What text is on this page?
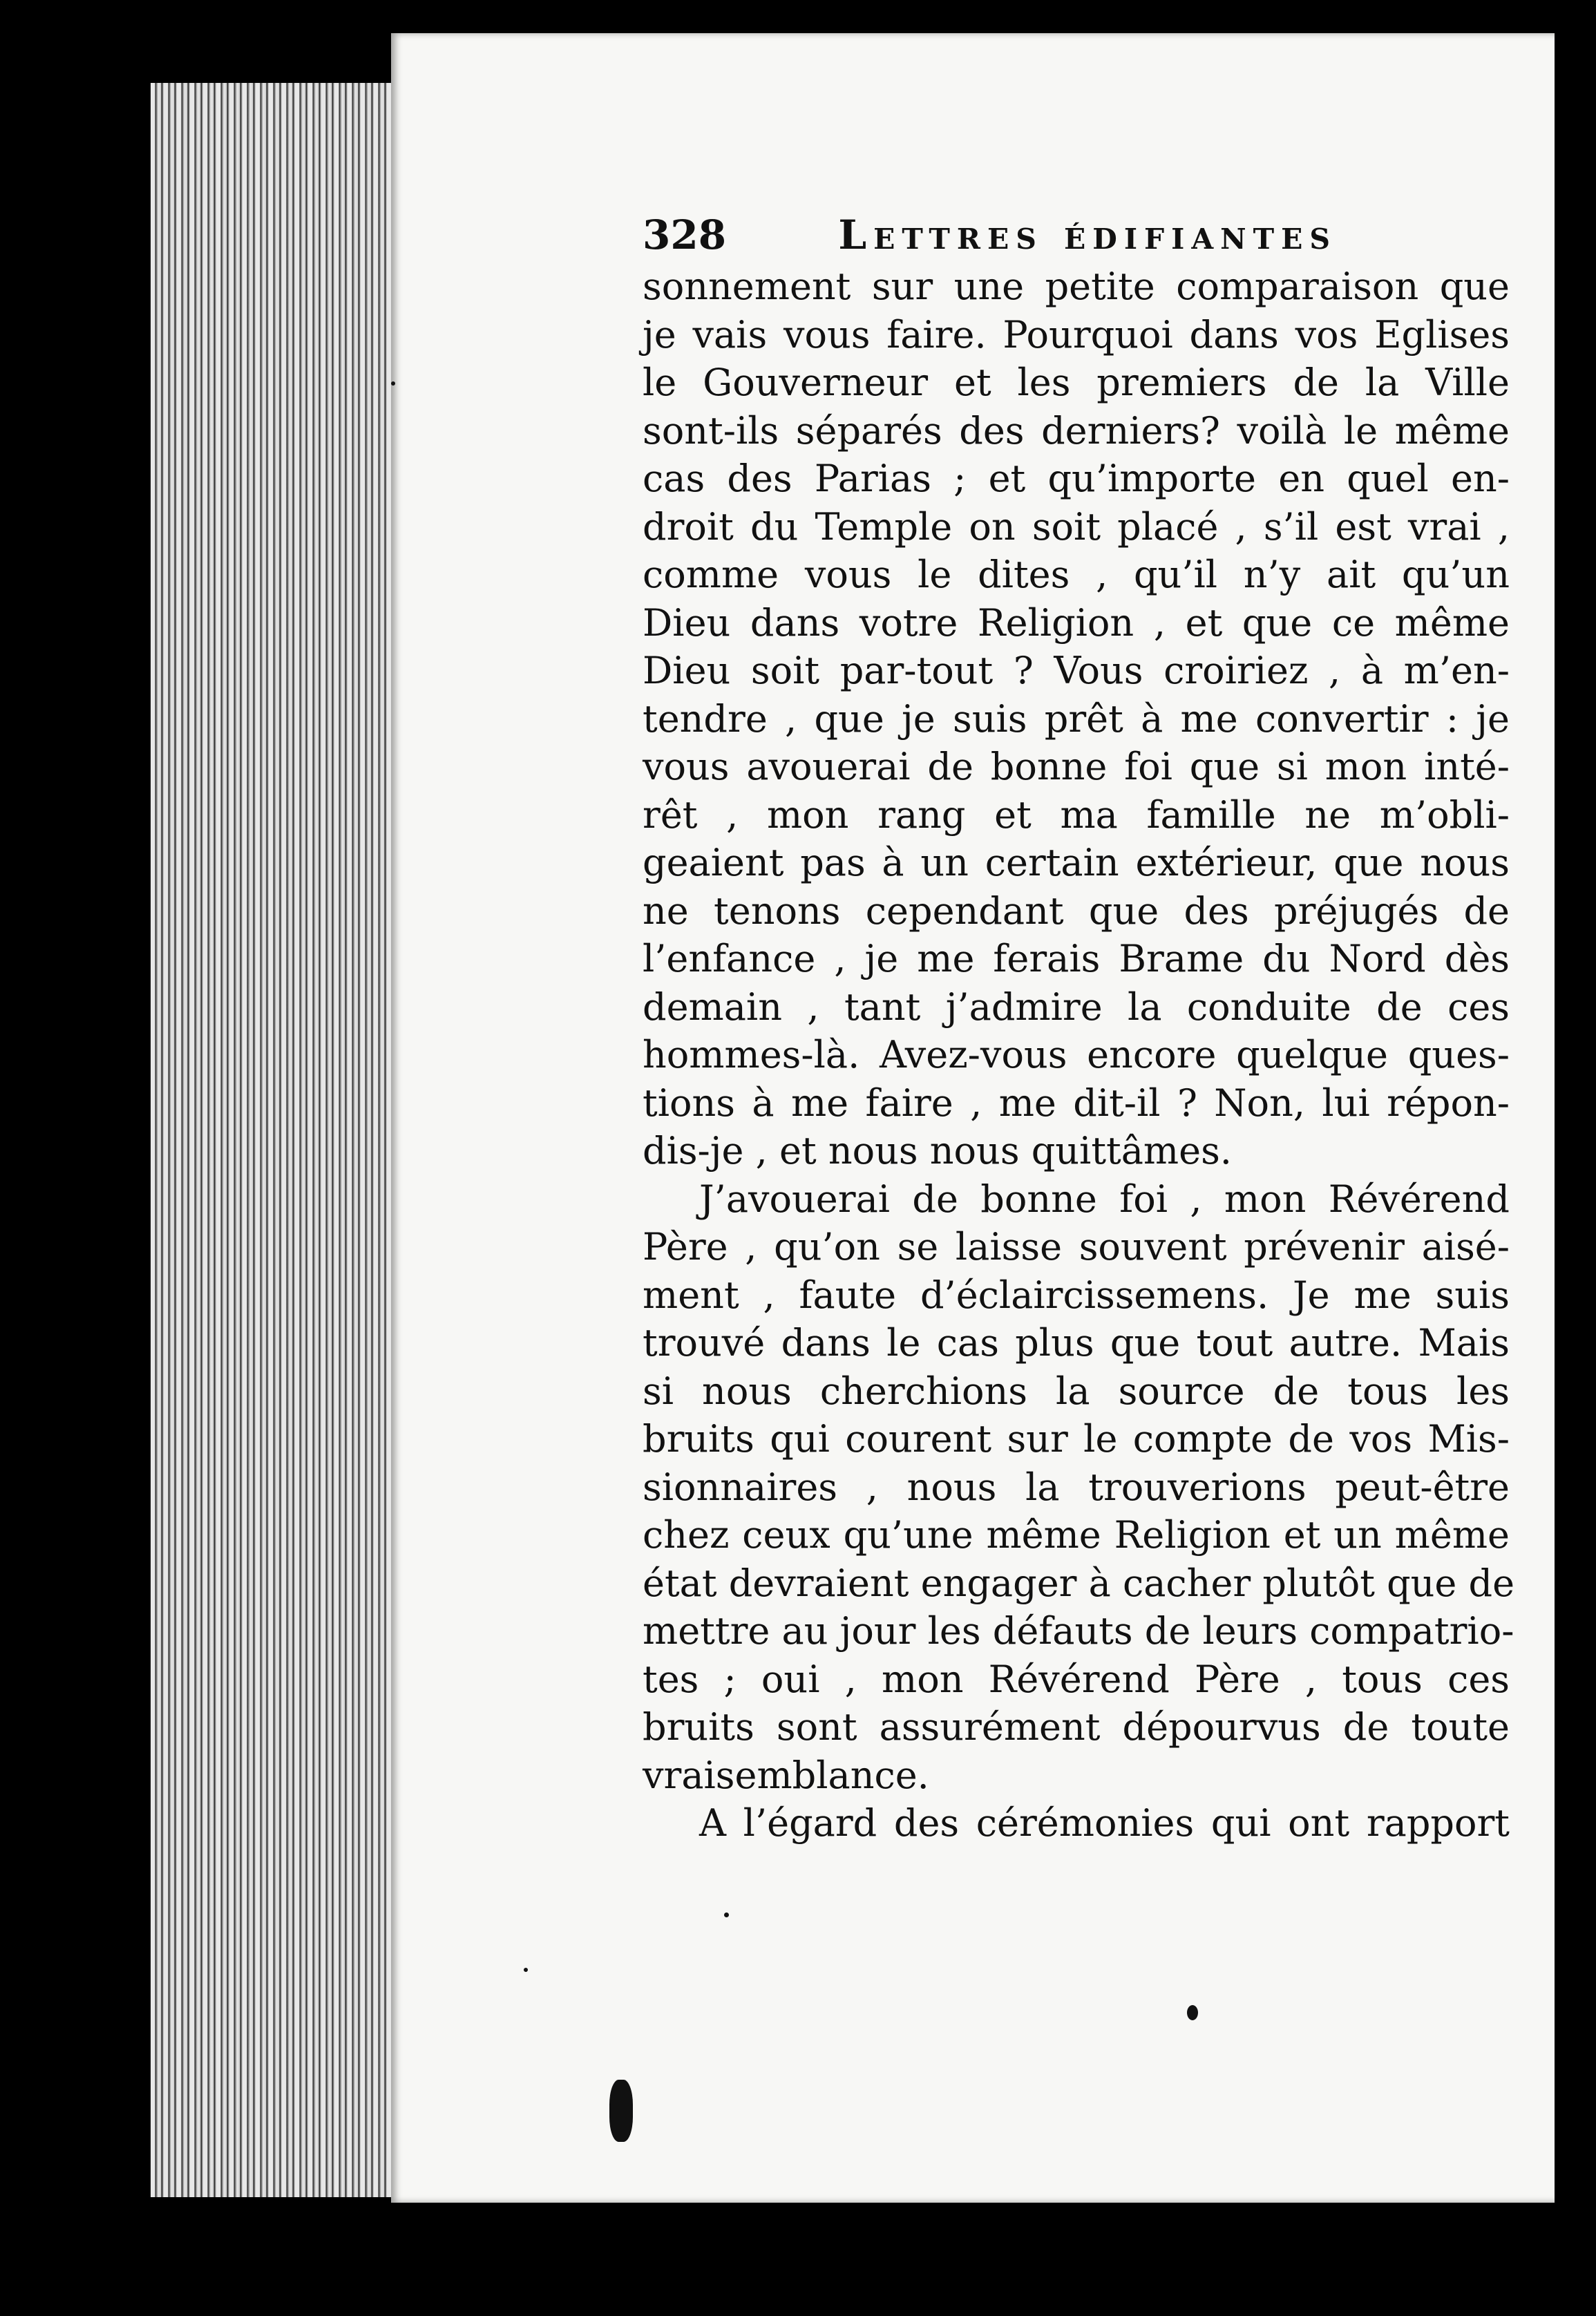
328	Lettres édifiantes
sonnement sur une petite comparaison que
je vais vous faire. Pourquoi dans vos Eglises
le Gouverneur et les premiers de la Ville
sont-ils séparés des derniers? voilà le même
cas des Parias ; et qu’importe en quel en-
droit du Temple on soit placé , s’il est vrai ,
comme vous le dites , qu’il n’y ait qu’un
Dieu dans votre Religion , et que ce même
Dieu soit par-tout ? Vous croiriez , à m’en-
tendre , que je suis prêt à me convertir : je
vous avouerai de bonne foi que si mon inté-
rêt , mon rang et ma famille ne m’obli-
geaient pas à un certain extérieur, que nous
ne tenons cependant que des préjugés de
l’enfance , je me ferais Brame du Nord dès
demain , tant j’admire la conduite de ces
hommes-là. Avez-vous encore quelque ques-
tions à me faire , me dit-il ? Non, lui répon-
dis-je , et nous nous quittâmes.
J’avouerai de bonne foi , mon Révérend
Père , qu’on se laisse souvent prévenir aisé-
ment , faute d’éclaircissemens. Je me suis
trouvé dans le cas plus que tout autre. Mais
si nous cherchions la source de tous les
bruits qui courent sur le compte de vos Mis-
sionnaires , nous la trouverions peut-être
chez ceux qu’une même Religion et un même
état devraient engager à cacher plutôt que de
mettre au jour les défauts de leurs compatrio-
tes ; oui , mon Révérend Père , tous ces
bruits sont assurément dépourvus de toute
vraisemblance.
A l’égard des cérémonies qui ont rapport
